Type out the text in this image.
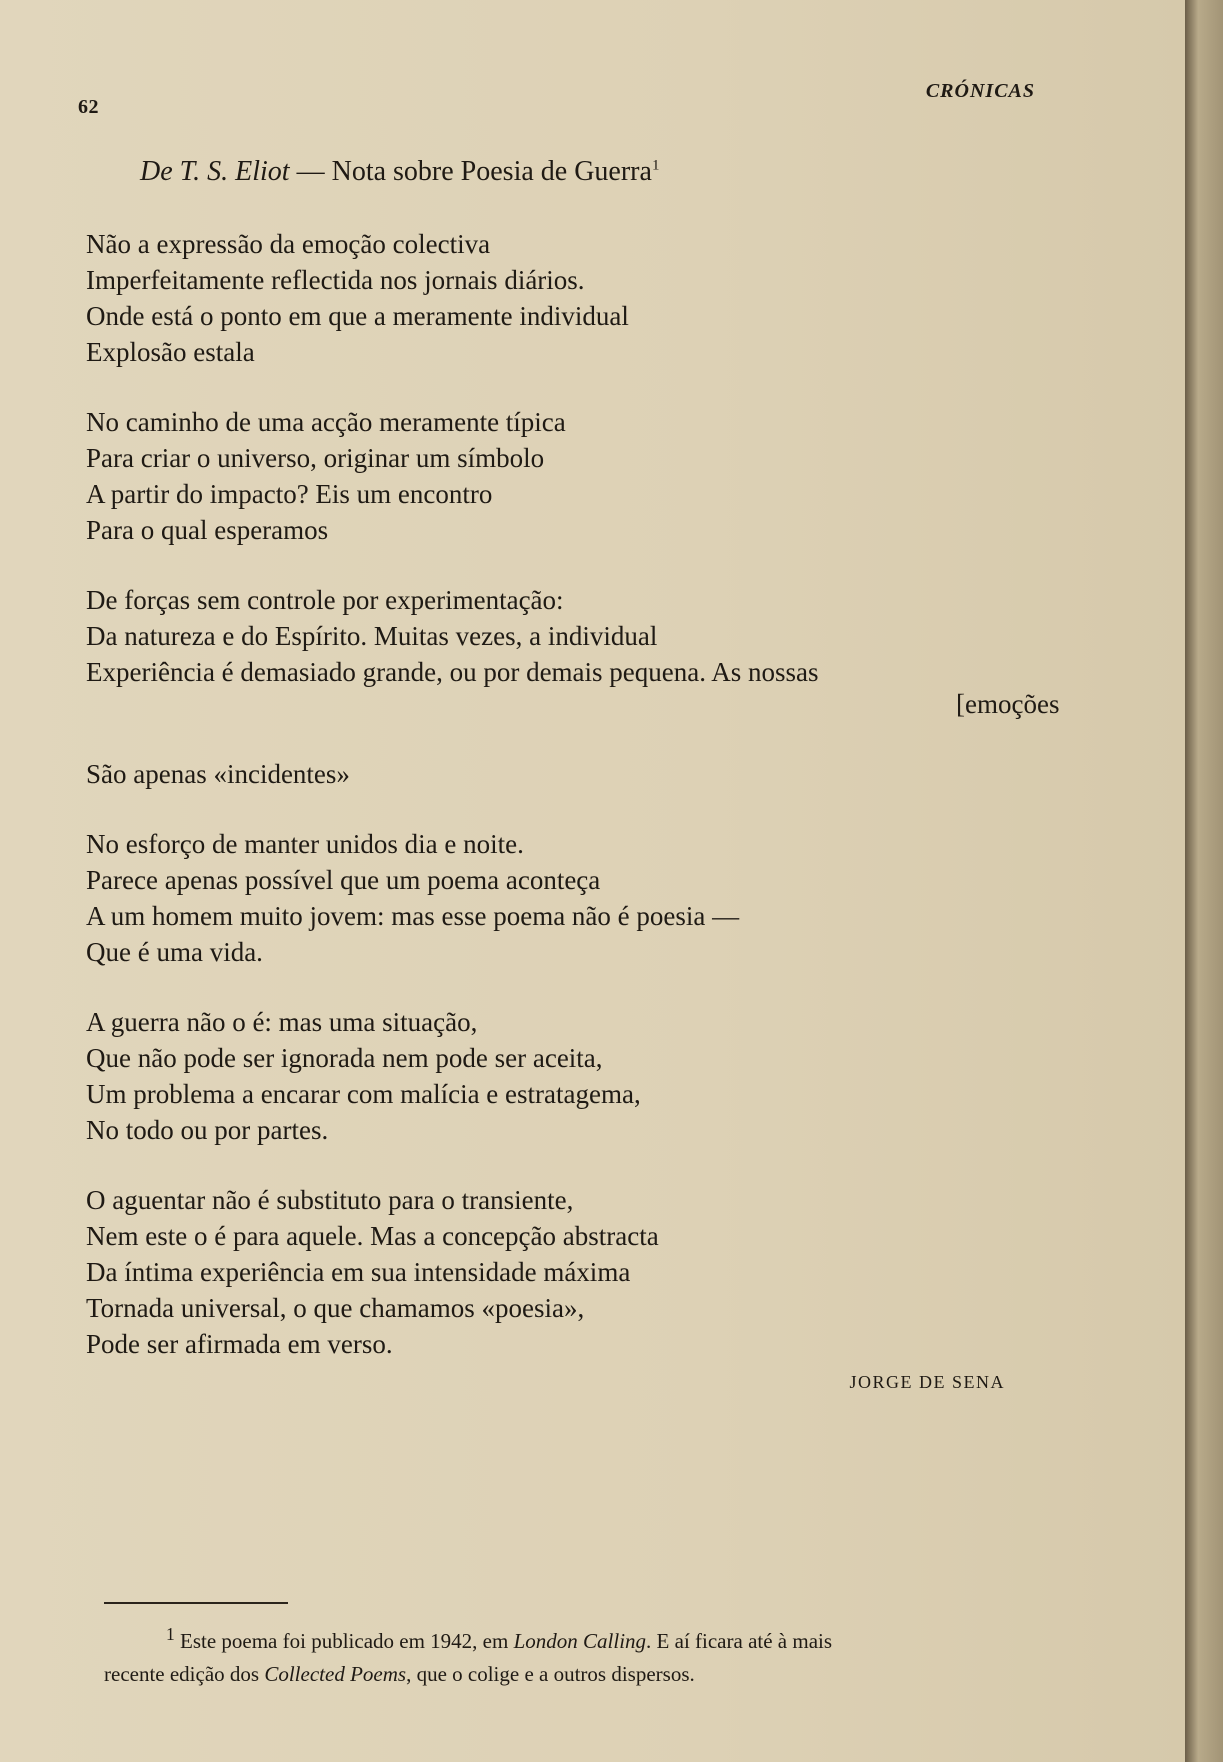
62
CRÓNICAS
De T. S. Eliot — Nota sobre Poesia de Guerra$^1$
Não a expressão da emoção colectiva
Imperfeitamente reflectida nos jornais diários.
Onde está o ponto em que a meramente individual
Explosão estala
No caminho de uma acção meramente típica
Para criar o universo, originar um símbolo
A partir do impacto? Eis um encontro
Para o qual esperamos
De forças sem controle por experimentação:
Da natureza e do Espírito. Muitas vezes, a individual
Experiência é demasiado grande, ou por demais pequena. As nossas
[emoções
São apenas «incidentes»
No esforço de manter unidos dia e noite.
Parece apenas possível que um poema aconteça
A um homem muito jovem: mas esse poema não é poesia —
Que é uma vida.
A guerra não o é: mas uma situação,
Que não pode ser ignorada nem pode ser aceita,
Um problema a encarar com malícia e estratagema,
No todo ou por partes.
O aguentar não é substituto para o transiente,
Nem este o é para aquele. Mas a concepção abstracta
Da íntima experiência em sua intensidade máxima
Tornada universal, o que chamamos «poesia»,
Pode ser afirmada em verso.
JORGE DE SENA
$^1$ Este poema foi publicado em 1942, em London Calling. E aí ficara até à mais
recente edição dos Collected Poems, que o colige e a outros dispersos.
